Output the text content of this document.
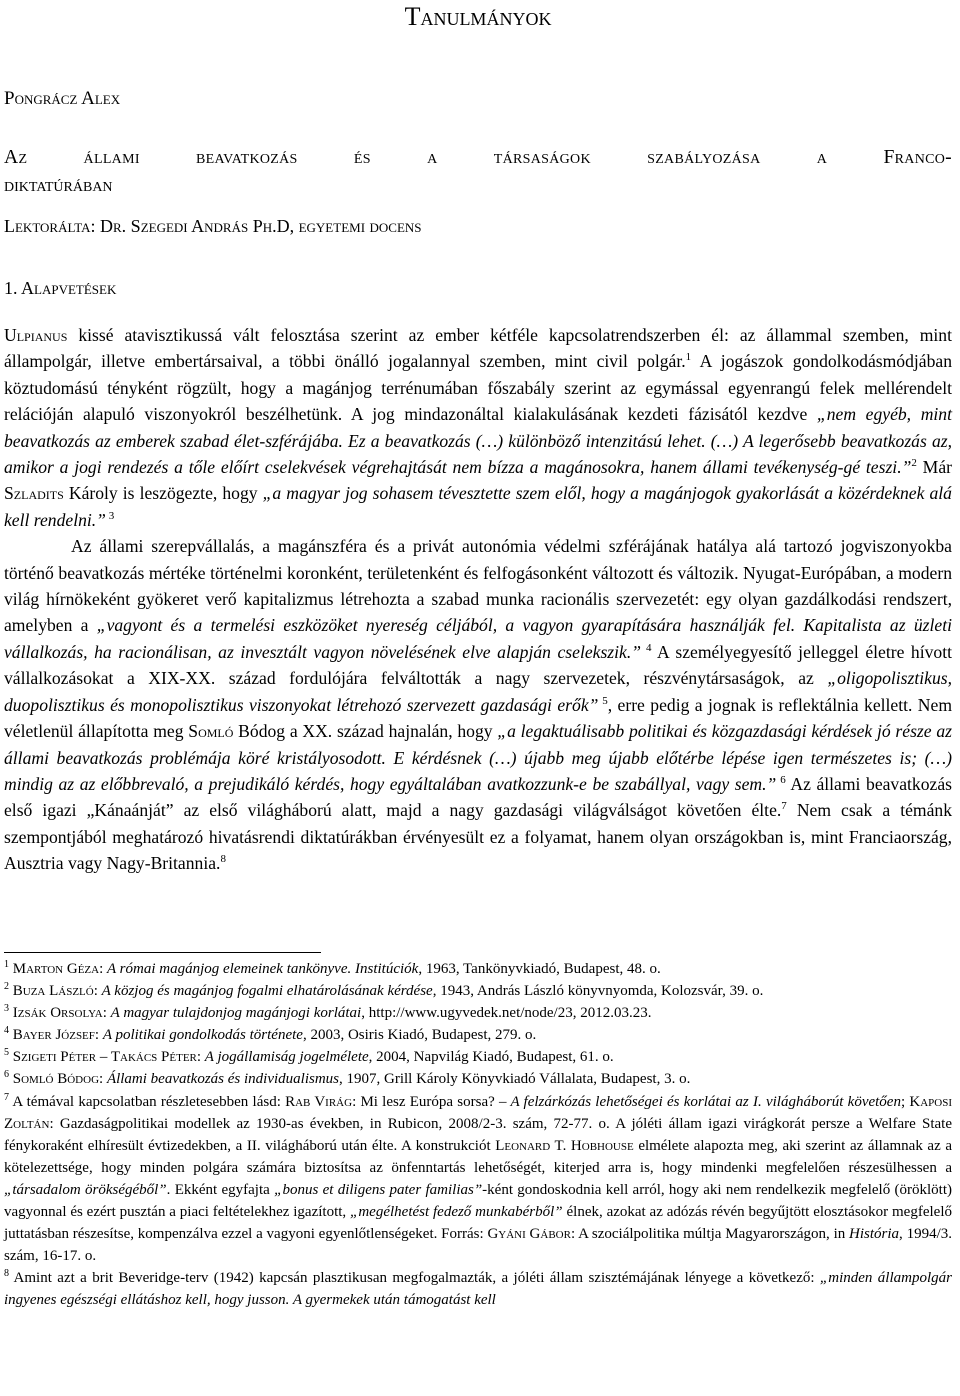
Tanulmányok
Pongrácz Alex
Az állami beavatkozás és a társaságok szabályozása a Franco-
diktatúrában
Lektorálta: Dr. Szegedi András Ph.D, egyetemi docens
1. Alapvetések

Ulpianus kissé atavisztikussá vált felosztása szerint az ember kétféle kapcsolatrendszerben él: az állammal szemben, mint állampolgár, illetve embertársaival, a többi önálló jogalannyal szemben, mint civil polgár.$^1$ A jogászok gondolkodásmódjában köztudomású tényként rögzült, hogy a magánjog terrénumában főszabály szerint az egymással egyenrangú felek mellérendelt relációján alapuló viszonyokról beszélhetünk. A jog mindazonáltal kialakulásának kezdeti fázisától kezdve „nem egyéb, mint beavatkozás az emberek szabad élet-szférájába. Ez a beavatkozás (…) különböző intenzitású lehet. (…) A legerősebb beavatkozás az, amikor a jogi rendezés a tőle előírt cselekvések végrehajtását nem bízza a magánosokra, hanem állami tevékenység-gé teszi.”$^2$ Már Szladits Károly is leszögezte, hogy „a magyar jog sohasem tévesztette szem elől, hogy a magánjogok gyakorlását a közérdeknek alá kell rendelni.” $^3$

Az állami szerepvállalás, a magánszféra és a privát autonómia védelmi szférájának hatálya alá tartozó jogviszonyokba történő beavatkozás mértéke történelmi koronként, területenként és felfogásonként változott és változik. Nyugat-Európában, a modern világ hírnökeként gyökeret verő kapitalizmus létrehozta a szabad munka racionális szervezetét: egy olyan gazdálkodási rendszert, amelyben a „vagyont és a termelési eszközöket nyereség céljából, a vagyon gyarapítására használják fel. Kapitalista az üzleti vállalkozás, ha racionálisan, az invesztált vagyon növelésének elve alapján cselekszik.” $^4$ A személyegyesítő jelleggel életre hívott vállalkozásokat a XIX-XX. század fordulójára felváltották a nagy szervezetek, részvénytársaságok, az „oligopolisztikus, duopolisztikus és monopolisztikus viszonyokat létrehozó szervezett gazdasági erők” $^5$, erre pedig a jognak is reflektálnia kellett. Nem véletlenül állapította meg Somló Bódog a XX. század hajnalán, hogy „a legaktuálisabb politikai és közgazdasági kérdések jó része az állami beavatkozás problémája köré kristályosodott. E kérdésnek (…) újabb meg újabb előtérbe lépése igen természetes is; (…) mindig az az előbbrevaló, a prejudikáló kérdés, hogy egyáltalában avatkozzunk-e be szabállyal, vagy sem.” $^6$ Az állami beavatkozás első igazi „Kánaánját” az első világháború alatt, majd a nagy gazdasági világválságot követően élte.$^7$ Nem csak a témánk szempontjából meghatározó hivatásrendi diktatúrákban érvényesült ez a folyamat, hanem olyan országokban is, mint Franciaország, Ausztria vagy Nagy-Britannia.$^8$

$^1$ Marton Géza: A római magánjog elemeinek tankönyve. Institúciók, 1963, Tankönyvkiadó, Budapest, 48. o.

$^2$ Buza László: A közjog és magánjog fogalmi elhatárolásának kérdése, 1943, András László könyvnyomda, Kolozsvár, 39. o.

$^3$ Izsák Orsolya: A magyar tulajdonjog magánjogi korlátai, http://www.ugyvedek.net/node/23, 2012.03.23.

$^4$ Bayer József: A politikai gondolkodás története, 2003, Osiris Kiadó, Budapest, 279. o.

$^5$ Szigeti Péter – Takács Péter: A jogállamiság jogelmélete, 2004, Napvilág Kiadó, Budapest, 61. o.

$^6$ Somló Bódog: Állami beavatkozás és individualismus, 1907, Grill Károly Könyvkiadó Vállalata, Budapest, 3. o.

$^7$ A témával kapcsolatban részletesebben lásd: Rab Virág: Mi lesz Európa sorsa? – A felzárkózás lehetőségei és korlátai az I. világháborút követően; Kaposi Zoltán: Gazdaságpolitikai modellek az 1930-as években, in Rubicon, 2008/2-3. szám, 72-77. o. A jóléti állam igazi virágkorát persze a Welfare State fénykoraként elhíresült évtizedekben, a II. világháború után élte. A konstrukciót Leonard T. Hobhouse elmélete alapozta meg, aki szerint az államnak az a kötelezettsége, hogy minden polgára számára biztosítsa az önfenntartás lehetőségét, kiterjed arra is, hogy mindenki megfelelően részesülhessen a „társadalom örökségéből”. Ekként egyfajta „bonus et diligens pater familias”-ként gondoskodnia kell arról, hogy aki nem rendelkezik megfelelő (öröklött) vagyonnal és ezért pusztán a piaci feltételekhez igazított, „megélhetést fedező munkabérből” élnek, azokat az adózás révén begyűjtött elosztásokor megfelelő juttatásban részesítse, kompenzálva ezzel a vagyoni egyenlőtlenségeket. Forrás: Gyáni Gábor: A szociálpolitika múltja Magyarországon, in História, 1994/3. szám, 16-17. o.

$^8$ Amint azt a brit Beveridge-terv (1942) kapcsán plasztikusan megfogalmazták, a jóléti állam szisztémájának lényege a következő: „minden állampolgár ingyenes egészségi ellátáshoz kell, hogy jusson. A gyermekek után támogatást kell
